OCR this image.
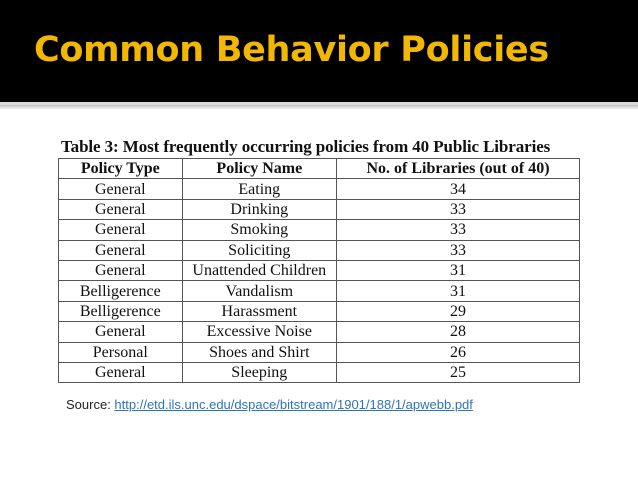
Common Behavior Policies
Table 3: Most frequently occurring policies from 40 Public Libraries
Policy Type	Policy Name	No. of Libraries (out of 40)
General	Eating	34
General	Drinking	33
General	Smoking	33
General	Soliciting	33
General	Unattended Children	31
Belligerence	Vandalism	31
Belligerence	Harassment	29
General	Excessive Noise	28
Personal	Shoes and Shirt	26
General	Sleeping	25
Source: http://etd.ils.unc.edu/dspace/bitstream/1901/188/1/apwebb.pdf
